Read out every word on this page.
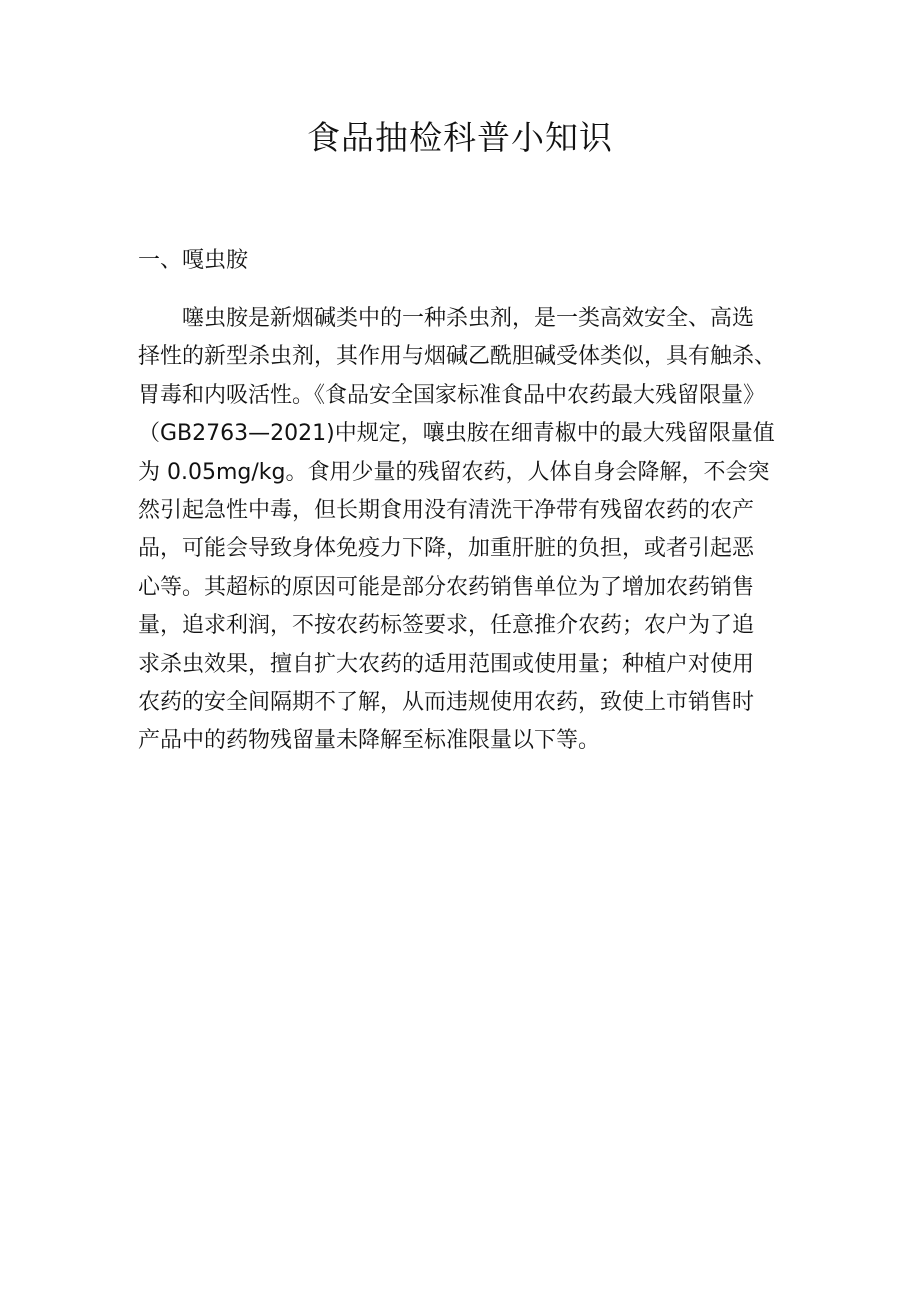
食品抽检科普小知识
一、嘎虫胺
　　噻虫胺是新烟碱类中的一种杀虫剂，是一类高效安全、高选
择性的新型杀虫剂，其作用与烟碱乙酰胆碱受体类似，具有触杀、
胃毒和内吸活性。《食品安全国家标准食品中农药最大残留限量》
（GB2763—2021)中规定，嚷虫胺在细青椒中的最大残留限量值
为 0.05mg/kg。食用少量的残留农药，人体自身会降解，不会突
然引起急性中毒，但长期食用没有清洗干净带有残留农药的农产
品，可能会导致身体免疫力下降，加重肝脏的负担，或者引起恶
心等。其超标的原因可能是部分农药销售单位为了增加农药销售
量，追求利润，不按农药标签要求，任意推介农药；农户为了追
求杀虫效果，擅自扩大农药的适用范围或使用量；种植户对使用
农药的安全间隔期不了解，从而违规使用农药，致使上市销售时
产品中的药物残留量未降解至标准限量以下等。
